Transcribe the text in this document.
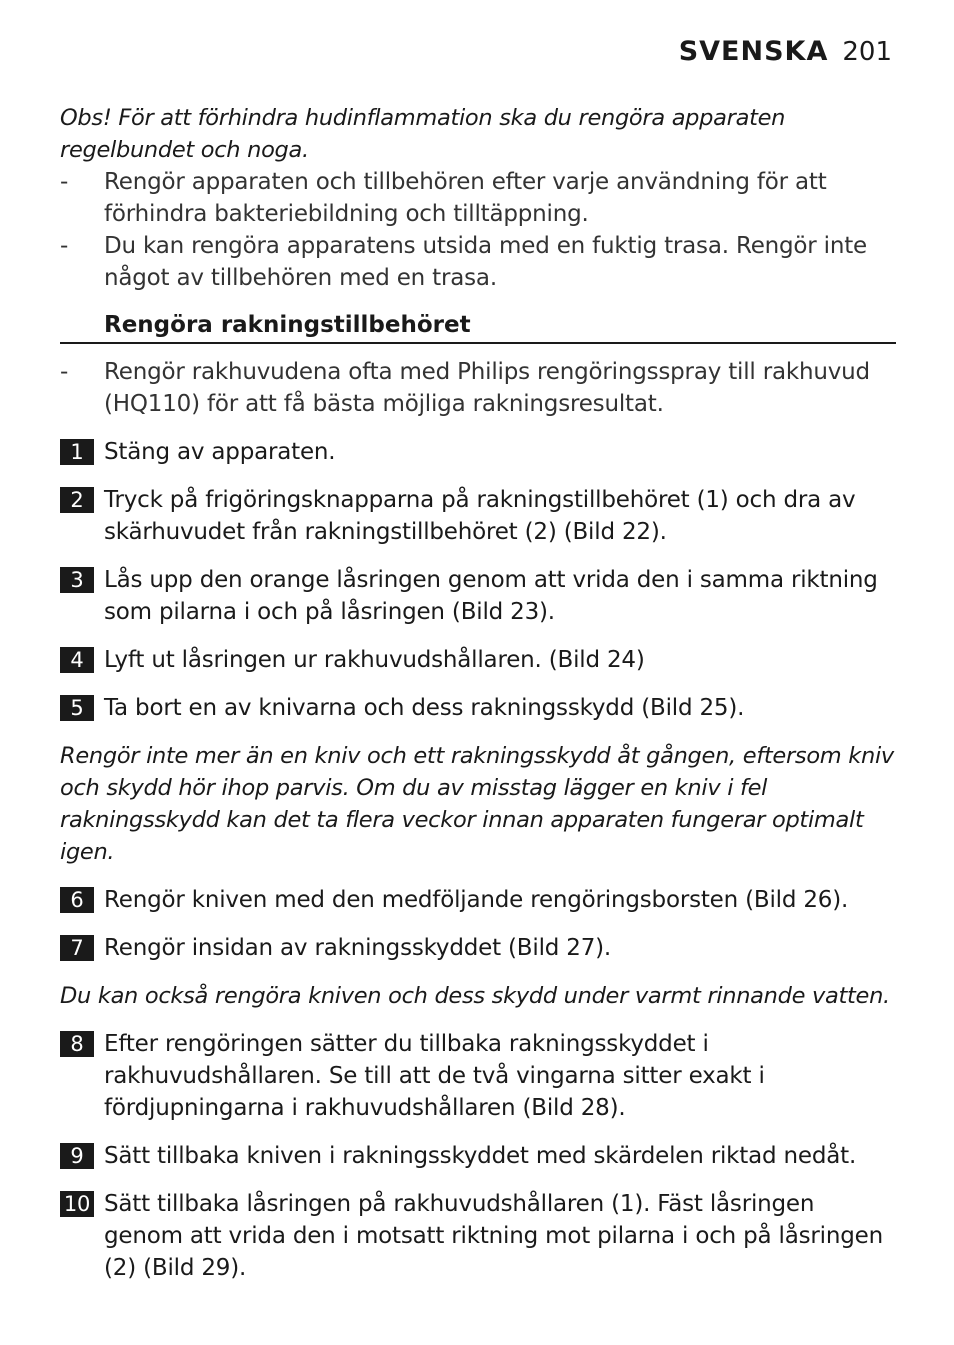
SVENSKA 201

Obs! För att förhindra hudinflammation ska du rengöra apparaten regelbundet och noga.

-	Rengör apparaten och tillbehören efter varje användning för att förhindra bakteriebildning och tilltäppning.
-	Du kan rengöra apparatens utsida med en fuktig trasa. Rengör inte något av tillbehören med en trasa.
Rengöra rakningstillbehöret
-	Rengör rakhuvudena ofta med Philips rengöringsspray till rakhuvud (HQ110) för att få bästa möjliga rakningsresultat.
1 Stäng av apparaten.
2 Tryck på frigöringsknapparna på rakningstillbehöret (1) och dra av skärhuvudet från rakningstillbehöret (2) (Bild 22).
3 Lås upp den orange låsringen genom att vrida den i samma riktning som pilarna i och på låsringen (Bild 23).
4 Lyft ut låsringen ur rakhuvudshållaren. (Bild 24)
5 Ta bort en av knivarna och dess rakningsskydd (Bild 25).

Rengör inte mer än en kniv och ett rakningsskydd åt gången, eftersom kniv och skydd hör ihop parvis. Om du av misstag lägger en kniv i fel rakningsskydd kan det ta flera veckor innan apparaten fungerar optimalt igen.

6 Rengör kniven med den medföljande rengöringsborsten (Bild 26).
7 Rengör insidan av rakningsskyddet (Bild 27).

Du kan också rengöra kniven och dess skydd under varmt rinnande vatten.

8 Efter rengöringen sätter du tillbaka rakningsskyddet i rakhuvudshållaren. Se till att de två vingarna sitter exakt i fördjupningarna i rakhuvudshållaren (Bild 28).
9 Sätt tillbaka kniven i rakningsskyddet med skärdelen riktad nedåt.
10 Sätt tillbaka låsringen på rakhuvudshållaren (1). Fäst låsringen genom att vrida den i motsatt riktning mot pilarna i och på låsringen (2) (Bild 29).
